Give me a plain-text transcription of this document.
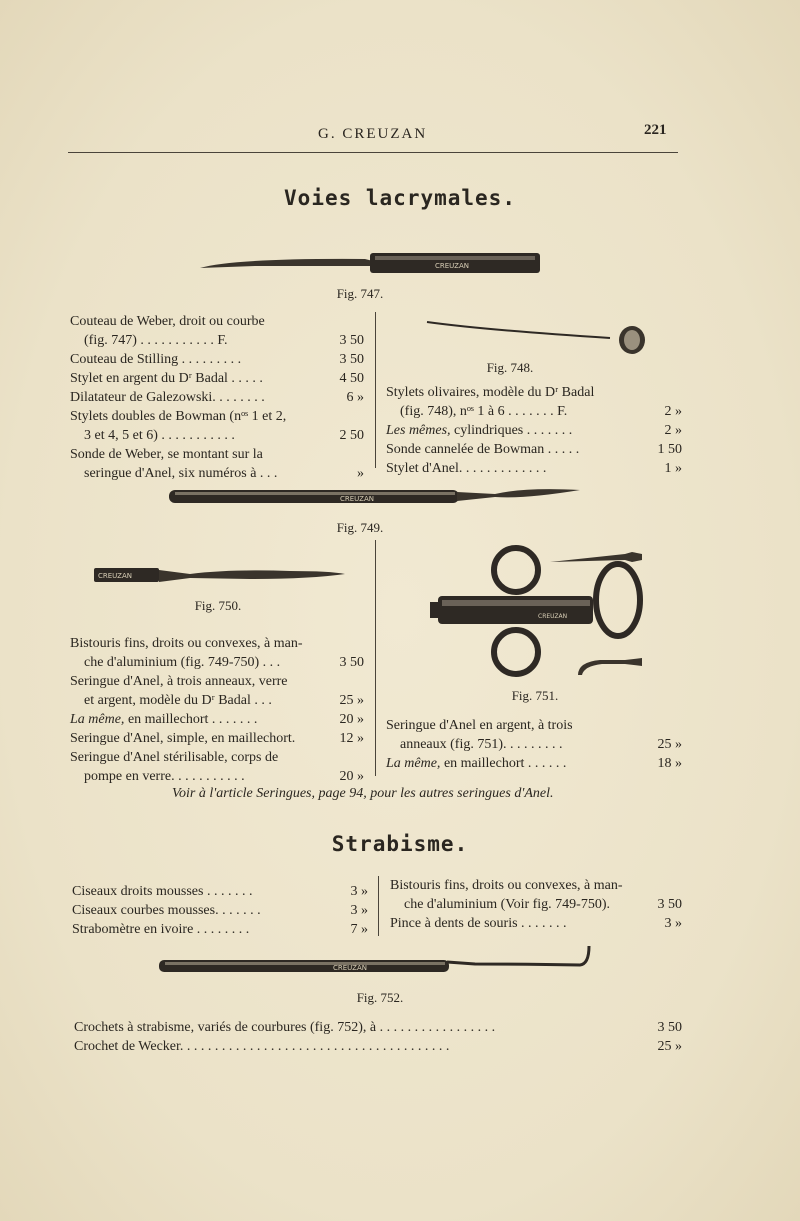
G. CREUZAN	221
Voies lacrymales.
CREUZAN
Fig. 747.
Couteau de Weber, droit ou courbe
(fig. 747) . . . . . . . . . . . F.	3 50
Couteau de Stilling . . . . . . . . .	3 50
Stylet en argent du Dʳ Badal . . . . .	4 50
Dilatateur de Galezowski. . . . . . . .	6 »
Stylets doubles de Bowman (nᵒˢ 1 et 2,
3 et 4, 5 et 6) . . . . . . . . . . .	2 50
Sonde de Weber, se montant sur la
seringue d'Anel, six numéros à . . .	»
Fig. 748.
Stylets olivaires, modèle du Dʳ Badal
(fig. 748), nᵒˢ 1 à 6 . . . . . . . F.	2 »
Les mêmes, cylindriques . . . . . . .	2 »
Sonde cannelée de Bowman . . . . .	1 50
Stylet d'Anel. . . . . . . . . . . . .	1 »
CREUZAN
Fig. 749.
CREUZAN
Fig. 750.
CREUZAN
Fig. 751.
Bistouris fins, droits ou convexes, à man-
che d'aluminium (fig. 749-750) . . .	3 50
Seringue d'Anel, à trois anneaux, verre
et argent, modèle du Dʳ Badal . . .	25 »
La même, en maillechort . . . . . . .	20 »
Seringue d'Anel, simple, en maillechort.	12 »
Seringue d'Anel stérilisable, corps de
pompe en verre. . . . . . . . . . .	20 »
Seringue d'Anel en argent, à trois
anneaux (fig. 751). . . . . . . . .	25 »
La même, en maillechort . . . . . .	18 »
Voir à l'article Seringues, page 94, pour les autres seringues d'Anel.
Strabisme.
Ciseaux droits mousses . . . . . . .	3 »
Ciseaux courbes mousses. . . . . . .	3 »
Strabomètre en ivoire . . . . . . . .	7 »
Bistouris fins, droits ou convexes, à man-
che d'aluminium (Voir fig. 749-750).	3 50
Pince à dents de souris . . . . . . .	3 »
CREUZAN
Fig. 752.
Crochets à strabisme, variés de courbures (fig. 752), à . . . . . . . . . . . . . . . . .	3 50
Crochet de Wecker. . . . . . . . . . . . . . . . . . . . . . . . . . . . . . . . . . . . . . .	25 »
